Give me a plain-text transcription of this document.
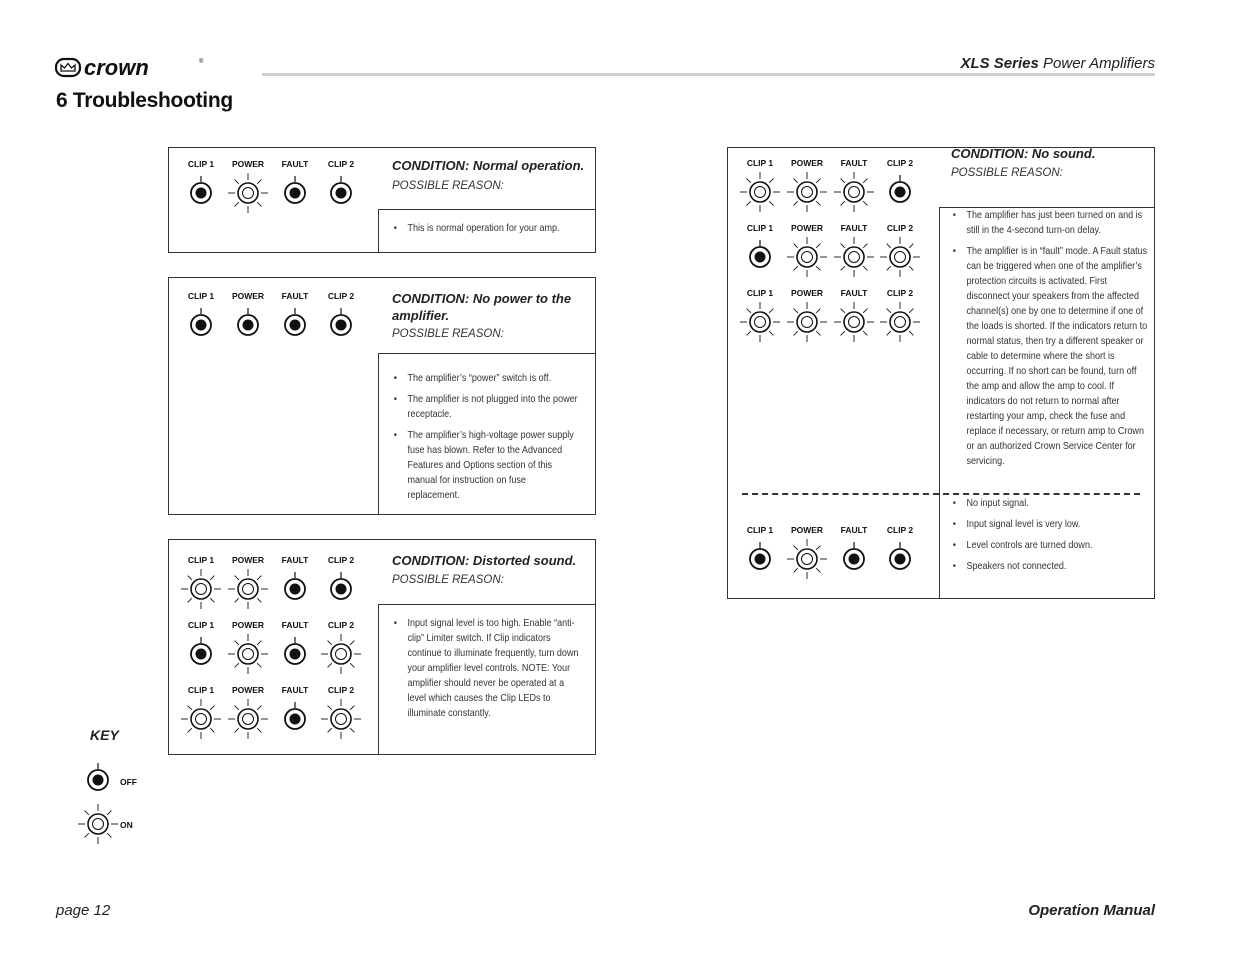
crown	®	XLS Series Power Amplifiers
6 Troubleshooting
CLIP 1 POWER FAULT CLIP 2	CONDITION: Normal operation.
POSSIBLE REASON:
• This is normal operation for your amp.
CLIP 1 POWER FAULT CLIP 2	CONDITION: No power to the amplifier.
POSSIBLE REASON:
• The amplifier’s “power” switch is off.
• The amplifier is not plugged into the power receptacle.
• The amplifier’s high-voltage power supply fuse has blown. Refer to the Advanced Features and Options section of this manual for instruction on fuse replacement.
CLIP 1 POWER FAULT CLIP 2
CLIP 1 POWER FAULT CLIP 2
CLIP 1 POWER FAULT CLIP 2
CONDITION: Distorted sound.
POSSIBLE REASON:
• Input signal level is too high. Enable “anti-clip” Limiter switch. If Clip indicators continue to illuminate frequently, turn down your amplifier level controls. NOTE: Your amplifier should never be operated at a level which causes the Clip LEDs to illuminate constantly.
CLIP 1 POWER FAULT CLIP 2
CLIP 1 POWER FAULT CLIP 2
CLIP 1 POWER FAULT CLIP 2
CONDITION: No sound.
POSSIBLE REASON:
• The amplifier has just been turned on and is still in the 4-second turn-on delay.
• The amplifier is in “fault” mode. A Fault status can be triggered when one of the amplifier’s protection circuits is activated. First disconnect your speakers from the affected channel(s) one by one to determine if one of the loads is shorted. If the indicators return to normal status, then try a different speaker or cable to determine where the short is occurring. If no short can be found, turn off the amp and allow the amp to cool. If indicators do not return to normal after restarting your amp, check the fuse and replace if necessary, or return amp to Crown or an authorized Crown Service Center for servicing.
CLIP 1 POWER FAULT CLIP 2
• No input signal.
• Input signal level is very low.
• Level controls are turned down.
• Speakers not connected.
KEY
OFF
ON
page 12	Operation Manual
